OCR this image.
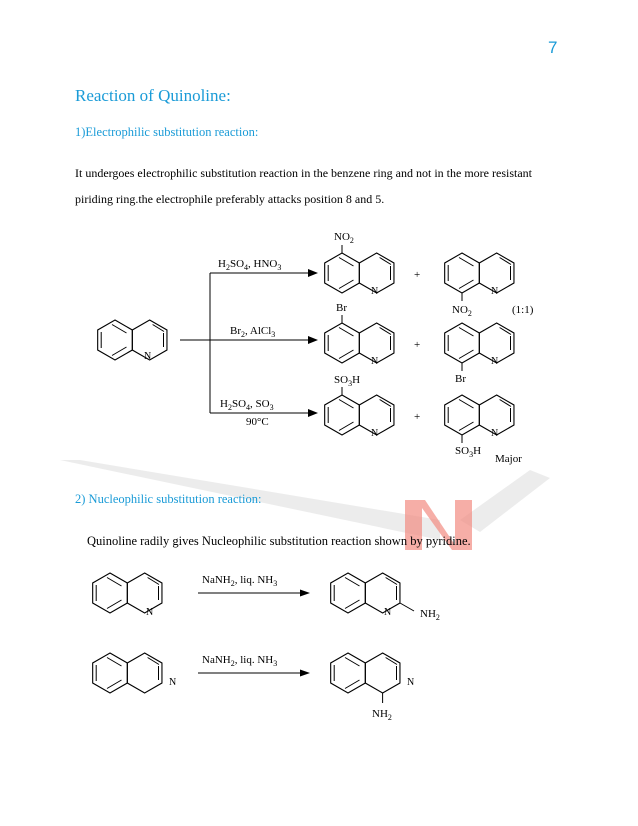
7
Reaction of Quinoline:
1)Electrophilic substitution reaction:
It undergoes electrophilic substitution reaction in the benzene ring and not in the more resistant
piriding ring.the electrophile preferably attacks position 8 and 5.
N
$H_2SO_4$, $HNO_3$
$Br_2$, AlCl$_3$
$H_2SO_4$, $SO_3$
90°C
$NO_2$
N
+
$NO_2$
N
(1:1)
Br
N
+
Br
N
$SO_3H$
N
+
$SO_3H$
N
Major
2) Nucleophilic substitution reaction:
Quinoline radily gives Nucleophilic substitution reaction shown by pyridine.
N
NaNH$_2$, liq. $NH_3$
N	$NH_2$
N
NaNH$_2$, liq. $NH_3$
N
$NH_2$
